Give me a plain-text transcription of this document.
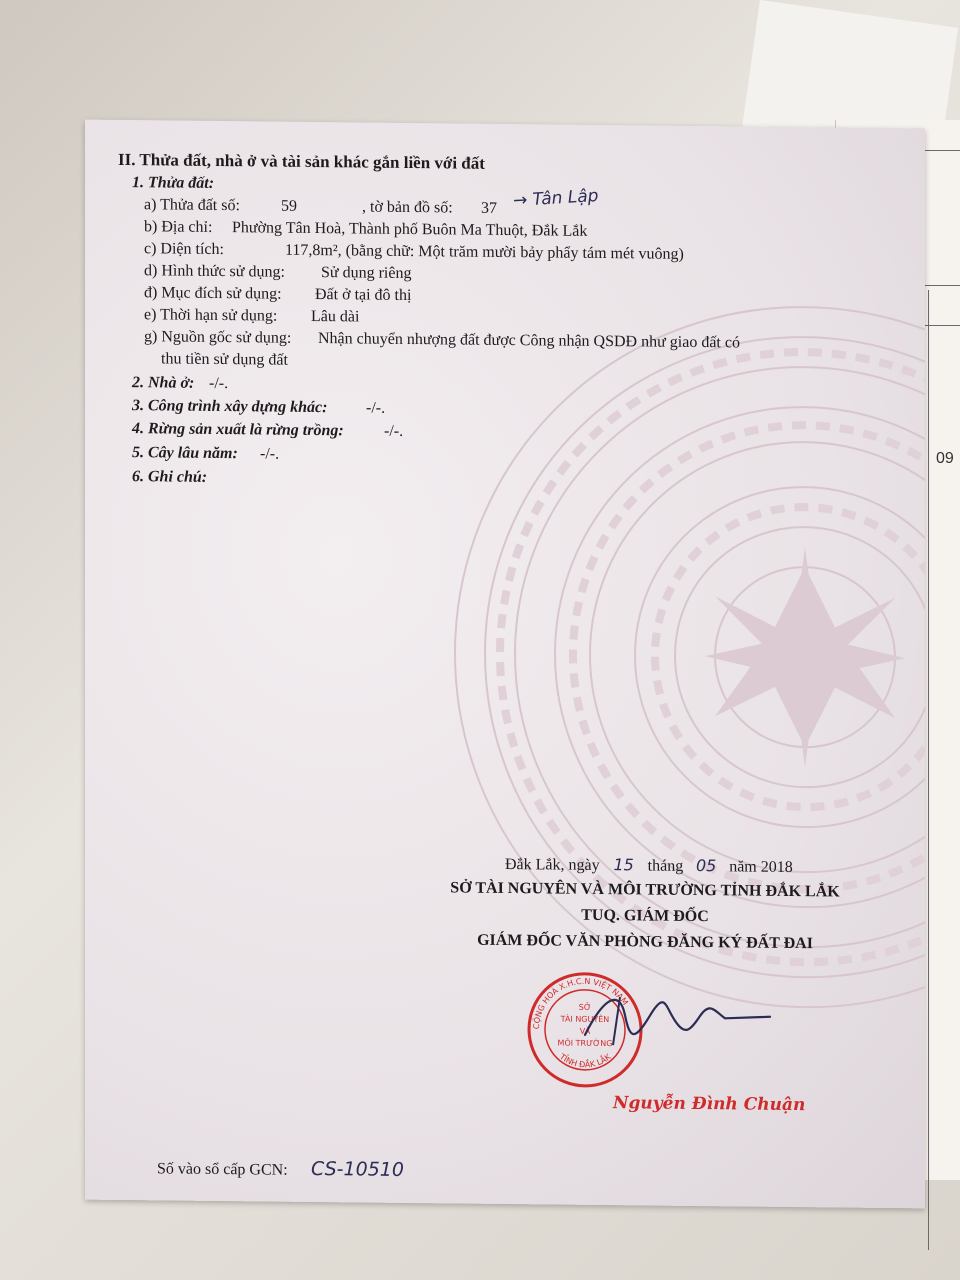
09
II. Thửa đất, nhà ở và tài sản khác gắn liền với đất
1. Thửa đất:
a) Thửa đất số:	59	, tờ bản đồ số: 37 → Tân Lập
b) Địa chỉ: Phường Tân Hoà, Thành phố Buôn Ma Thuột, Đắk Lắk
c) Diện tích:	117,8m², (bằng chữ: Một trăm mười bảy phẩy tám mét vuông)
d) Hình thức sử dụng: Sử dụng riêng
đ) Mục đích sử dụng: Đất ở tại đô thị
e) Thời hạn sử dụng: Lâu dài
g) Nguồn gốc sử dụng: Nhận chuyển nhượng đất được Công nhận QSDĐ như giao đất có
thu tiền sử dụng đất
2. Nhà ở: -/-.
3. Công trình xây dựng khác: -/-.
4. Rừng sản xuất là rừng trồng:	-/-.
5. Cây lâu năm: -/-.
6. Ghi chú:
Đắk Lắk, ngày 15 tháng 05 năm 2018
SỞ TÀI NGUYÊN VÀ MÔI TRƯỜNG TỈNH ĐẮK LẮK
TUQ. GIÁM ĐỐC
GIÁM ĐỐC VĂN PHÒNG ĐĂNG KÝ ĐẤT ĐAI
CỘNG HOÀ X.H.C.N VIỆT NAM
TỈNH ĐẮK LẮK
SỞ
TÀI NGUYÊN
VÀ
MÔI TRƯỜNG
Nguyễn Đình Chuận
Số vào sổ cấp GCN: CS-10510
